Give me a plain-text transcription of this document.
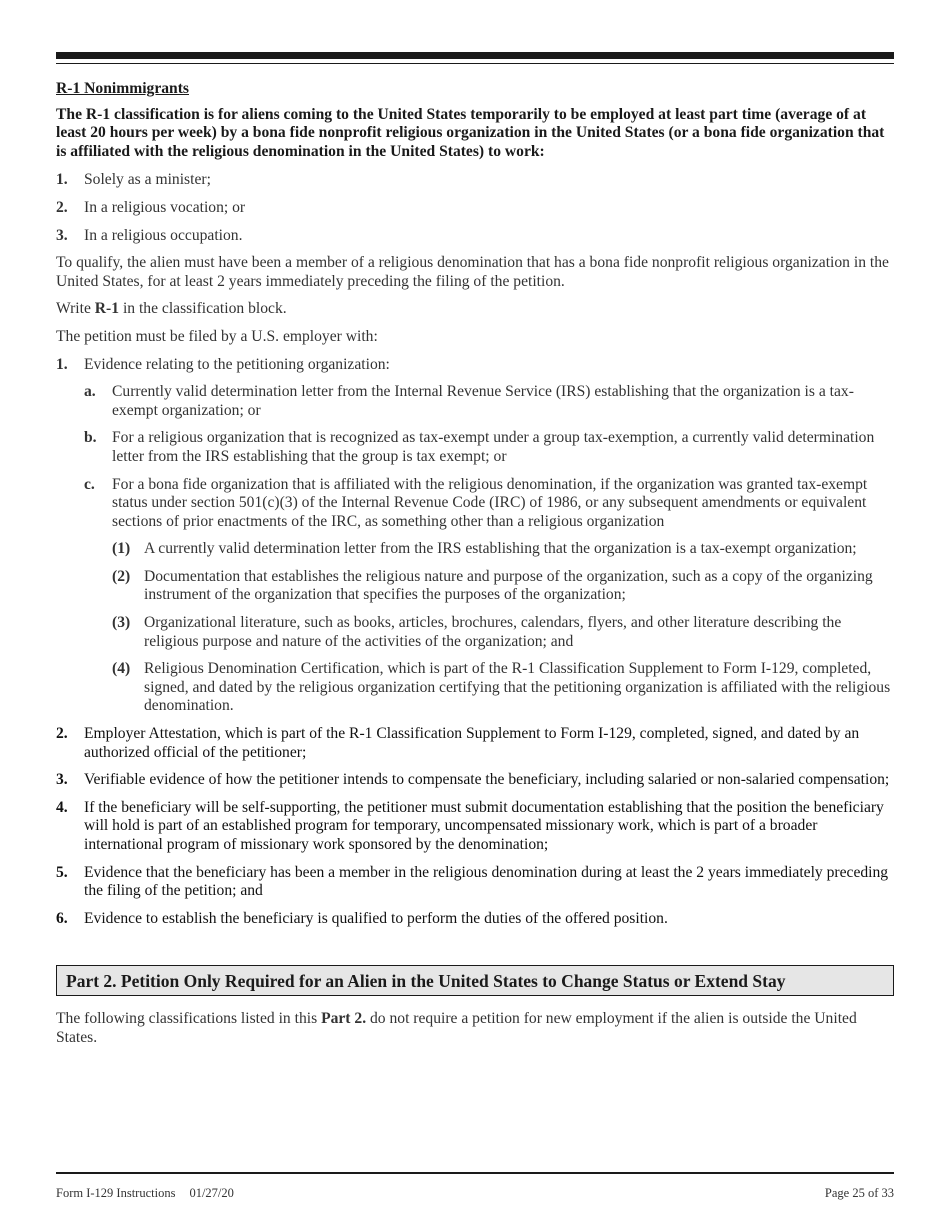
R-1 Nonimmigrants

The R-1 classification is for aliens coming to the United States temporarily to be employed at least part time (average of at least 20 hours per week) by a bona fide nonprofit religious organization in the United States (or a bona fide organization that is affiliated with the religious denomination in the United States) to work:

1. Solely as a minister;
2. In a religious vocation; or
3. In a religious occupation.

To qualify, the alien must have been a member of a religious denomination that has a bona fide nonprofit religious organization in the United States, for at least 2 years immediately preceding the filing of the petition.

Write R-1 in the classification block.

The petition must be filed by a U.S. employer with:

1. Evidence relating to the petitioning organization:
a. Currently valid determination letter from the Internal Revenue Service (IRS) establishing that the organization is a tax-exempt organization; or
b. For a religious organization that is recognized as tax-exempt under a group tax-exemption, a currently valid determination letter from the IRS establishing that the group is tax exempt; or
c. For a bona fide organization that is affiliated with the religious denomination, if the organization was granted tax-exempt status under section 501(c)(3) of the Internal Revenue Code (IRC) of 1986, or any subsequent amendments or equivalent sections of prior enactments of the IRC, as something other than a religious organization
(1) A currently valid determination letter from the IRS establishing that the organization is a tax-exempt organization;
(2) Documentation that establishes the religious nature and purpose of the organization, such as a copy of the organizing instrument of the organization that specifies the purposes of the organization;
(3) Organizational literature, such as books, articles, brochures, calendars, flyers, and other literature describing the religious purpose and nature of the activities of the organization; and
(4) Religious Denomination Certification, which is part of the R-1 Classification Supplement to Form I-129, completed, signed, and dated by the religious organization certifying that the petitioning organization is affiliated with the religious denomination.
2. Employer Attestation, which is part of the R-1 Classification Supplement to Form I-129, completed, signed, and dated by an authorized official of the petitioner;
3. Verifiable evidence of how the petitioner intends to compensate the beneficiary, including salaried or non-salaried compensation;
4. If the beneficiary will be self-supporting, the petitioner must submit documentation establishing that the position the beneficiary will hold is part of an established program for temporary, uncompensated missionary work, which is part of a broader international program of missionary work sponsored by the denomination;
5. Evidence that the beneficiary has been a member in the religious denomination during at least the 2 years immediately preceding the filing of the petition; and
6. Evidence to establish the beneficiary is qualified to perform the duties of the offered position.
Part 2. Petition Only Required for an Alien in the United States to Change Status or Extend Stay

The following classifications listed in this Part 2. do not require a petition for new employment if the alien is outside the United States.

Form I-129 Instructions 01/27/20	Page 25 of 33
